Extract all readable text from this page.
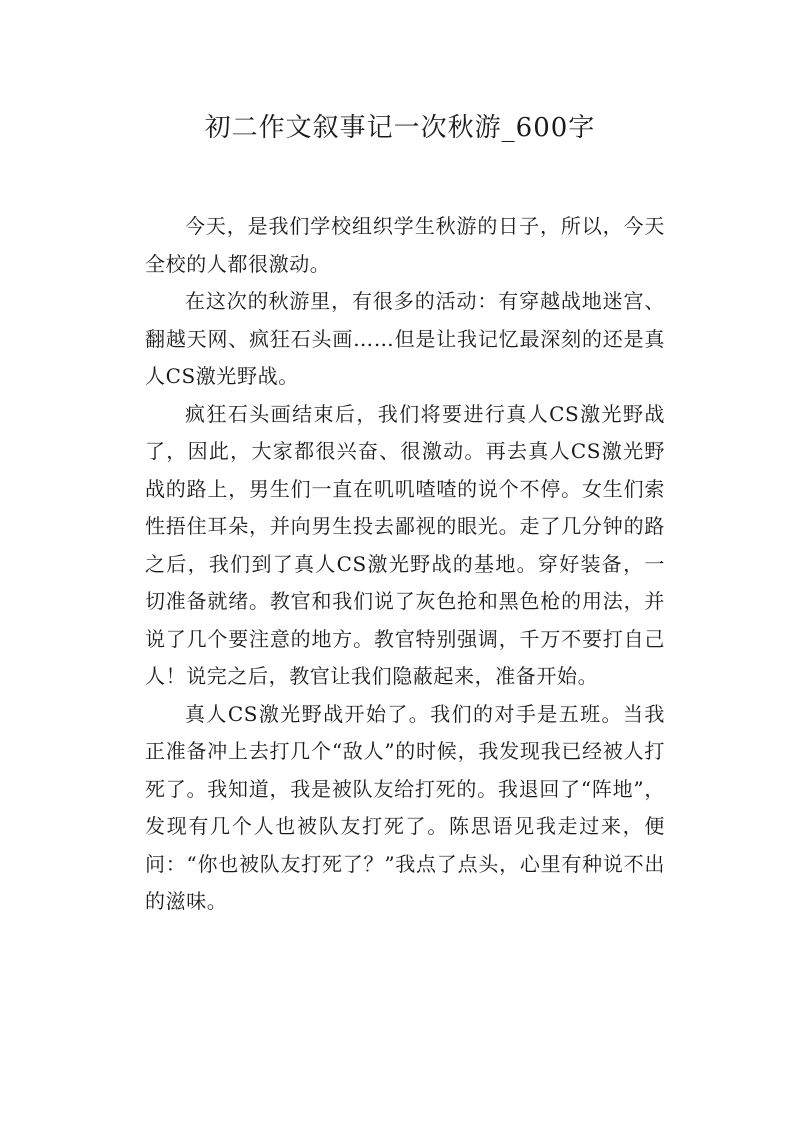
初二作文叙事记一次秋游_600字

今天，是我们学校组织学生秋游的日子，所以，今天全校的人都很激动。

在这次的秋游里，有很多的活动：有穿越战地迷宫、翻越天网、疯狂石头画……但是让我记忆最深刻的还是真人CS激光野战。

疯狂石头画结束后，我们将要进行真人CS激光野战了，因此，大家都很兴奋、很激动。再去真人CS激光野战的路上，男生们一直在叽叽喳喳的说个不停。女生们索性捂住耳朵，并向男生投去鄙视的眼光。走了几分钟的路之后，我们到了真人CS激光野战的基地。穿好装备，一切准备就绪。教官和我们说了灰色抢和黑色枪的用法，并说了几个要注意的地方。教官特别强调，千万不要打自己人！说完之后，教官让我们隐蔽起来，准备开始。

真人CS激光野战开始了。我们的对手是五班。当我正准备冲上去打几个“敌人”的时候，我发现我已经被人打死了。我知道，我是被队友给打死的。我退回了“阵地”，发现有几个人也被队友打死了。陈思语见我走过来，便问：“你也被队友打死了？”我点了点头，心里有种说不出的滋味。
